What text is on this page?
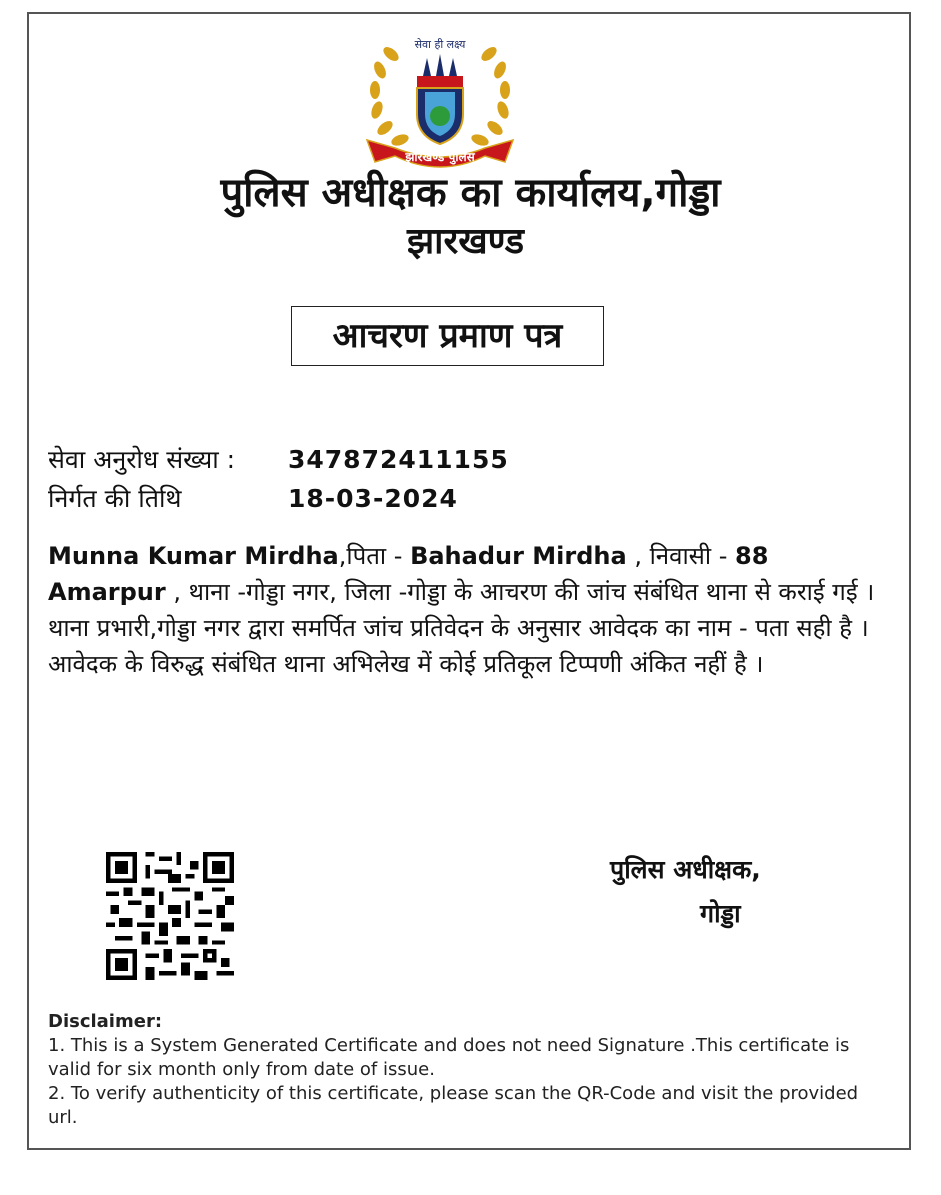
सेवा ही लक्ष्य
झारखण्ड पुलिस
पुलिस अधीक्षक का कार्यालय,गोड्डा
झारखण्ड
आचरण प्रमाण पत्र
सेवा अनुरोध संख्या : 347872411155
निर्गत की तिथि	18-03-2024
Munna Kumar Mirdha,पिता - Bahadur Mirdha , निवासी - 88 Amarpur , थाना -गोड्डा नगर, जिला -गोड्डा के आचरण की जांच संबंधित थाना से कराई गई । थाना प्रभारी,गोड्डा नगर द्वारा समर्पित जांच प्रतिवेदन के अनुसार आवेदक का नाम - पता सही है । आवेदक के विरुद्ध संबंधित थाना अभिलेख में कोई प्रतिकूल टिप्पणी अंकित नहीं है ।
पुलिस अधीक्षक,
गोड्डा
Disclaimer:
1. This is a System Generated Certificate and does not need Signature .This certificate is valid for six month only from date of issue.
2. To verify authenticity of this certificate, please scan the QR-Code and visit the provided url.
